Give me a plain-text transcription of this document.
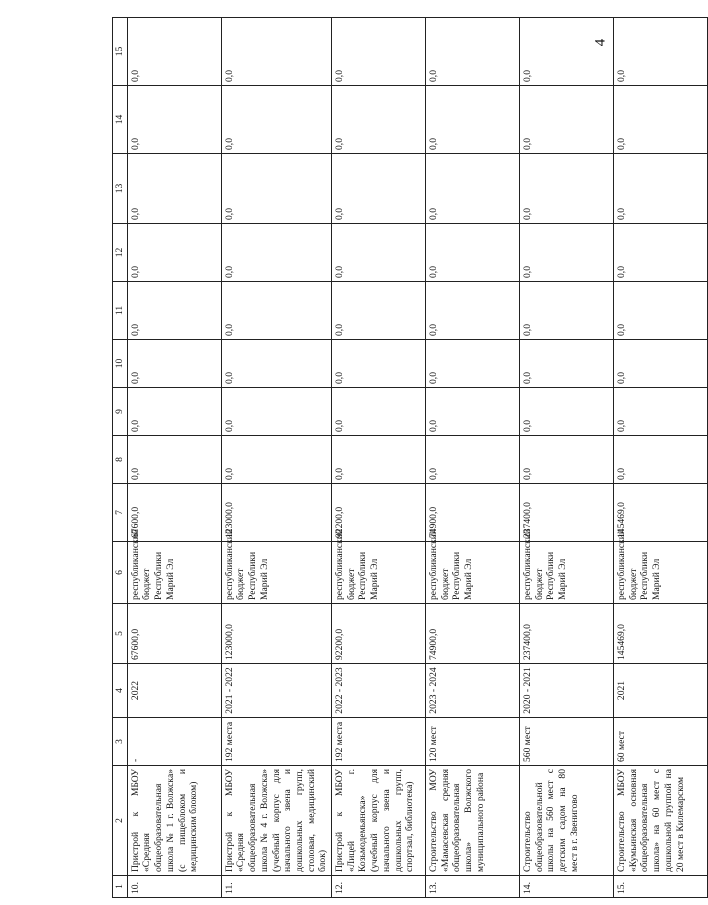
4
1	2	3	4	5	6	7	8	9	10	11	12	13	14	15
10.	Пристрой к МБОУ «Средняя общеобразовательная школа № 1 г. Волжска» (с пищеблоком и медицинским блоком)	-	2022	67600,0	республиканский бюджет Республики Марий Эл	67600,0	0,0	0,0	0,0	0,0	0,0	0,0	0,0	0,0
11.	Пристрой к МБОУ «Средняя общеобразовательная школа № 4 г. Волжска» (учебный корпус для начального звена и дошкольных групп, столовая, медицинский блок)	192 места	2021 - 2022	123000,0	республиканский бюджет Республики Марий Эл	123000,0	0,0	0,0	0,0	0,0	0,0	0,0	0,0	0,0
12.	Пристрой к МБОУ «Лицей г. Козьмодемьянска» (учебный корпус для начального звена и дошкольных групп, спортзал, библиотека)	192 места	2022 - 2023	92200,0	республиканский бюджет Республики Марий Эл	92200,0	0,0	0,0	0,0	0,0	0,0	0,0	0,0	0,0
13.	Строительство МОУ «Мамасевская средняя общеобразовательная школа» Волжского муниципального района	120 мест	2023 - 2024	74900,0	республиканский бюджет Республики Марий Эл	74900,0	0,0	0,0	0,0	0,0	0,0	0,0	0,0	0,0
14.	Строительство общеобразовательной школы на 560 мест с детским садом на 80 мест в г. Звенигово	560 мест	2020 - 2021	237400,0	республиканский бюджет Республики Марий Эл	237400,0	0,0	0,0	0,0	0,0	0,0	0,0	0,0	0,0
15.	Строительство МБОУ «Кумьинская основная общеобразовательная школа» на 60 мест с дошкольной группой на 20 мест в Килемарском	60 мест	2021	145469,0	республиканский бюджет Республики Марий Эл	145469,0	0,0	0,0	0,0	0,0	0,0	0,0	0,0	0,0
